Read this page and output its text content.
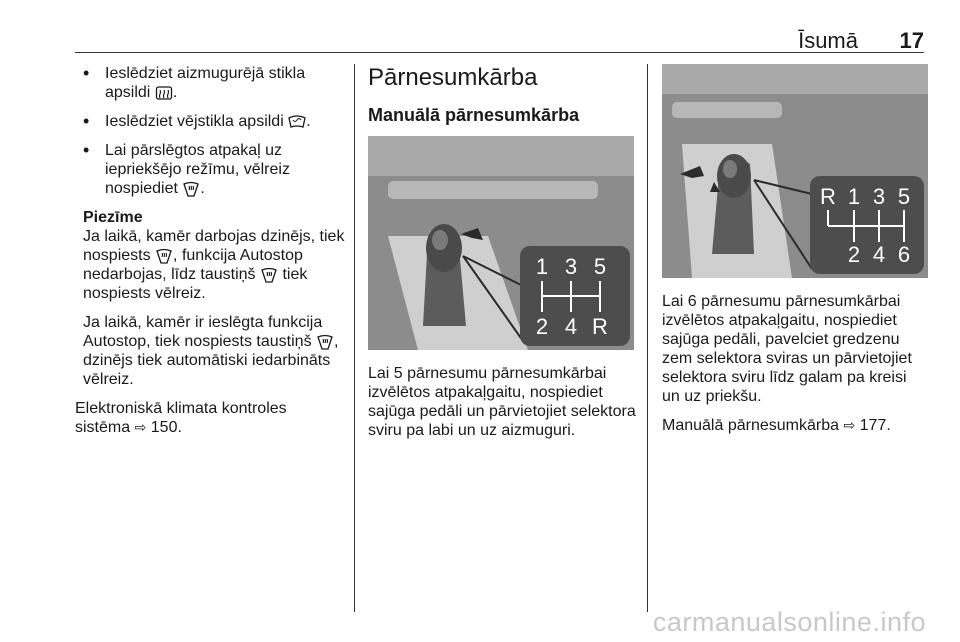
Īsumā 17
• Ieslēdziet aizmugurējā stikla apsildi .
• Ieslēdziet vējstikla apsildi .
• Lai pārslēgtos atpakaļ uz iepriekšējo režīmu, vēlreiz nospiediet .
Piezīme

Ja laikā, kamēr darbojas dzinējs, tiek nospiests , funkcija Autostop nedarbojas, līdz taustiņš tiek nospiests vēlreiz.

Ja laikā, kamēr ir ieslēgta funkcija Autostop, tiek nospiests taustiņš , dzinējs tiek automātiski iedarbināts vēlreiz.

Elektroniskā klimata kontroles sistēma ⇨ 150.

Pārnesumkārba
Manuālā pārnesumkārba
1 3 5
2 4 R

Lai 5 pārnesumu pārnesumkārbai izvēlētos atpakaļgaitu, nospiediet sajūga pedāli un pārvietojiet selektora sviru pa labi un uz aizmuguri.

R 1 3 5
2 4 6

Lai 6 pārnesumu pārnesumkārbai izvēlētos atpakaļgaitu, nospiediet sajūga pedāli, pavelciet gredzenu zem selektora sviras un pārvietojiet selektora sviru līdz galam pa kreisi un uz priekšu.

Manuālā pārnesumkārba ⇨ 177.

carmanualsonline.info
